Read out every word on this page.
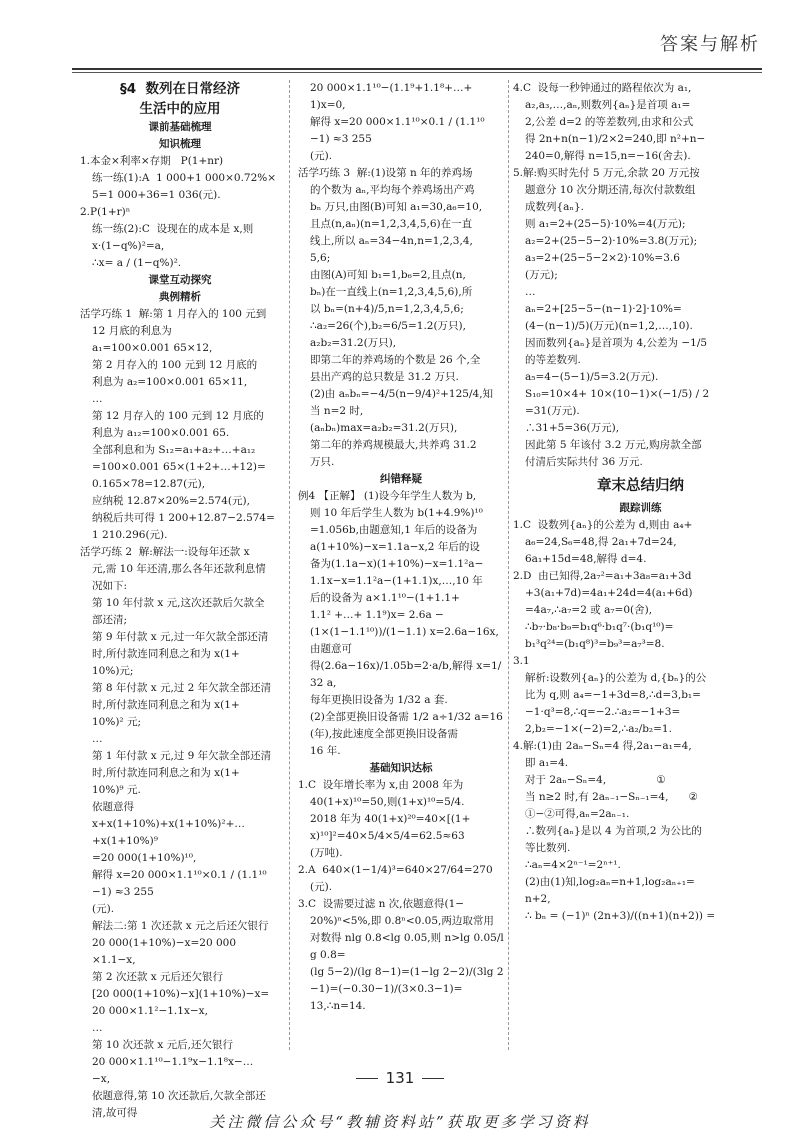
答案与解析
§4  数列在日常经济
生活中的应用
课前基础梳理
知识梳理
1.本金×利率×存期   P(1+nr)
练一练(1):A  1 000+1 000×0.72%×
5=1 000+36=1 036(元).
2.P(1+r)ⁿ
练一练(2):C  设现在的成本是 x,则
x·(1−q%)²=a,
∴x= a / (1−q%)².
课堂互动探究
典例精析
活学巧练 1  解:第 1 月存入的 100 元到
12 月底的利息为
a₁=100×0.001 65×12,
第 2 月存入的 100 元到 12 月底的
利息为 a₂=100×0.001 65×11,
…
第 12 月存入的 100 元到 12 月底的
利息为 a₁₂=100×0.001 65.
全部利息和为 S₁₂=a₁+a₂+…+a₁₂
=100×0.001 65×(1+2+…+12)=
0.165×78=12.87(元),
应纳税 12.87×20%=2.574(元),
纳税后共可得 1 200+12.87−2.574=
1 210.296(元).
活学巧练 2  解:解法一:设每年还款 x
元,需 10 年还清,那么各年还款利息情
况如下:
第 10 年付款 x 元,这次还款后欠款全
部还清;
第 9 年付款 x 元,过一年欠款全部还清
时,所付款连同利息之和为 x(1+
10%)元;
第 8 年付款 x 元,过 2 年欠款全部还清
时,所付款连同利息之和为 x(1+
10%)² 元;
…
第 1 年付款 x 元,过 9 年欠款全部还清
时,所付款连同利息之和为 x(1+
10%)⁹ 元.
依题意得
x+x(1+10%)+x(1+10%)²+…
+x(1+10%)⁹
=20 000(1+10%)¹⁰,
解得 x=20 000×1.1¹⁰×0.1 / (1.1¹⁰−1) ≈3 255
(元).
解法二:第 1 次还款 x 元之后还欠银行
20 000(1+10%)−x=20 000
×1.1−x,
第 2 次还款 x 元后还欠银行
[20 000(1+10%)−x](1+10%)−x=
20 000×1.1²−1.1x−x,
…
第 10 次还款 x 元后,还欠银行
20 000×1.1¹⁰−1.1⁹x−1.1⁸x−…
−x,
依题意得,第 10 次还款后,欠款全部还
清,故可得
20 000×1.1¹⁰−(1.1⁹+1.1⁸+…+
1)x=0,
解得 x=20 000×1.1¹⁰×0.1 / (1.1¹⁰−1) ≈3 255
(元).
活学巧练 3  解:(1)设第 n 年的养鸡场
的个数为 aₙ,平均每个养鸡场出产鸡
bₙ 万只,由图(B)可知 a₁=30,a₆=10,
且点(n,aₙ)(n=1,2,3,4,5,6)在一直
线上,所以 aₙ=34−4n,n=1,2,3,4,
5,6;
由图(A)可知 b₁=1,b₆=2,且点(n,
bₙ)在一直线上(n=1,2,3,4,5,6),所
以 bₙ=(n+4)/5,n=1,2,3,4,5,6;
∴a₂=26(个),b₂=6/5=1.2(万只),
a₂b₂=31.2(万只),
即第二年的养鸡场的个数是 26 个,全
县出产鸡的总只数是 31.2 万只.
(2)由 aₙbₙ=−4/5(n−9/4)²+125/4,知
当 n=2 时,
(aₙbₙ)max=a₂b₂=31.2(万只),
第二年的养鸡规模最大,共养鸡 31.2
万只.
纠错释疑
例4 【正解】 (1)设今年学生人数为 b,
则 10 年后学生人数为 b(1+4.9%)¹⁰
=1.056b,由题意知,1 年后的设备为
a(1+10%)−x=1.1a−x,2 年后的设
备为(1.1a−x)(1+10%)−x=1.1²a−
1.1x−x=1.1²a−(1+1.1)x,…,10 年
后的设备为 a×1.1¹⁰−(1+1.1+
1.1² +…+ 1.1⁹)x= 2.6a −
(1×(1−1.1¹⁰))/(1−1.1) x=2.6a−16x,由题意可
得(2.6a−16x)/1.05b=2·a/b,解得 x=1/32 a,
每年更换旧设备为 1/32 a 套.
(2)全部更换旧设备需 1/2 a÷1/32 a=16(年),按此速度全部更换旧设备需
16 年.
基础知识达标
1.C  设年增长率为 x,由 2008 年为
40(1+x)¹⁰=50,则(1+x)¹⁰=5/4.
2018 年为 40(1+x)²⁰=40×[(1+
x)¹⁰]²=40×5/4×5/4=62.5≈63
(万吨).
2.A  640×(1−1/4)³=640×27/64=270
(元).
3.C  设需要过滤 n 次,依题意得(1−
20%)ⁿ<5%,即 0.8ⁿ<0.05,两边取常用
对数得 nlg 0.8<lg 0.05,则 n>lg 0.05/lg 0.8=
(lg 5−2)/(lg 8−1)=(1−lg 2−2)/(3lg 2−1)=(−0.30−1)/(3×0.3−1)=
13,∴n=14.
4.C  设每一秒钟通过的路程依次为 a₁,
a₂,a₃,…,aₙ,则数列{aₙ}是首项 a₁=
2,公差 d=2 的等差数列,由求和公式
得 2n+n(n−1)/2×2=240,即 n²+n−
240=0,解得 n=15,n=−16(舍去).
5.解:购买时先付 5 万元,余款 20 万元按
题意分 10 次分期还清,每次付款数组
成数列{aₙ}.
则 a₁=2+(25−5)·10%=4(万元);
a₂=2+(25−5−2)·10%=3.8(万元);
a₃=2+(25−5−2×2)·10%=3.6
(万元);
…
aₙ=2+[25−5−(n−1)·2]·10%=
(4−(n−1)/5)(万元)(n=1,2,…,10).
因而数列{aₙ}是首项为 4,公差为 −1/5
的等差数列.
a₅=4−(5−1)/5=3.2(万元).
S₁₀=10×4+ 10×(10−1)×(−1/5) / 2
=31(万元).
∴31+5=36(万元),
因此第 5 年该付 3.2 万元,购房款全部
付清后实际共付 36 万元.
章末总结归纳
跟踪训练
1.C  设数列{aₙ}的公差为 d,则由 a₄+
a₆=24,S₆=48,得 2a₁+7d=24,
6a₁+15d=48,解得 d=4.
2.D  由已知得,2a₇²=a₁+3a₈=a₁+3d
+3(a₁+7d)=4a₁+24d=4(a₁+6d)
=4a₇,∴a₇=2 或 a₇=0(舍),
∴b₇·b₈·b₉=b₁q⁶·b₁q⁷·(b₁q¹⁰)=
b₁³q²⁴=(b₁q⁸)³=b₉³=a₇³=8.
3.1
解析:设数列{aₙ}的公差为 d,{bₙ}的公
比为 q,则 a₄=−1+3d=8,∴d=3,b₁=
−1·q³=8,∴q=−2.∴a₂=−1+3=
2,b₂=−1×(−2)=2,∴a₂/b₂=1.
4.解:(1)由 2aₙ−Sₙ=4 得,2a₁−a₁=4,
即 a₁=4.
对于 2aₙ−Sₙ=4,               ①
当 n≥2 时,有 2aₙ₋₁−Sₙ₋₁=4,      ②
①−②可得,aₙ=2aₙ₋₁.
∴数列{aₙ}是以 4 为首项,2 为公比的
等比数列.
∴aₙ=4×2ⁿ⁻¹=2ⁿ⁺¹.
(2)由(1)知,log₂aₙ=n+1,log₂aₙ₊₁=
n+2,
∴ bₙ = (−1)ⁿ (2n+3)/((n+1)(n+2)) =
131
关注微信公众号“教辅资料站”获取更多学习资料
